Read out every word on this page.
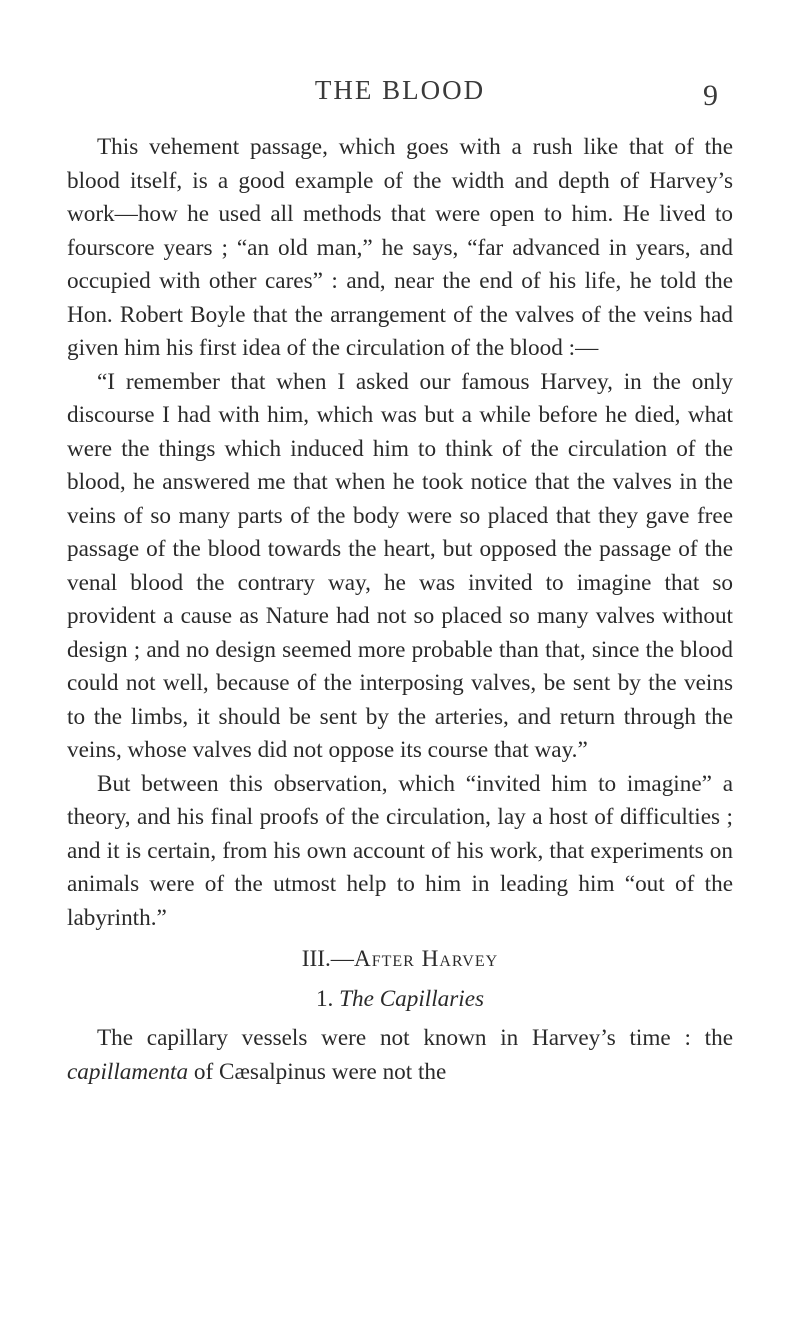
THE BLOOD	9

This vehement passage, which goes with a rush like that of the blood itself, is a good example of the width and depth of Harvey’s work—how he used all methods that were open to him. He lived to fourscore years ; “an old man,” he says, “far advanced in years, and occupied with other cares” : and, near the end of his life, he told the Hon. Robert Boyle that the arrangement of the valves of the veins had given him his first idea of the circulation of the blood :—

“I remember that when I asked our famous Harvey, in the only discourse I had with him, which was but a while before he died, what were the things which induced him to think of the circulation of the blood, he answered me that when he took notice that the valves in the veins of so many parts of the body were so placed that they gave free passage of the blood towards the heart, but opposed the passage of the venal blood the contrary way, he was invited to imagine that so provident a cause as Nature had not so placed so many valves without design ; and no design seemed more probable than that, since the blood could not well, because of the interposing valves, be sent by the veins to the limbs, it should be sent by the arteries, and return through the veins, whose valves did not oppose its course that way.”

But between this observation, which “invited him to imagine” a theory, and his final proofs of the circulation, lay a host of difficulties ; and it is certain, from his own account of his work, that experiments on animals were of the utmost help to him in leading him “out of the labyrinth.”

III.—After Harvey
1. The Capillaries

The capillary vessels were not known in Harvey’s time : the capillamenta of Cæsalpinus were not the
